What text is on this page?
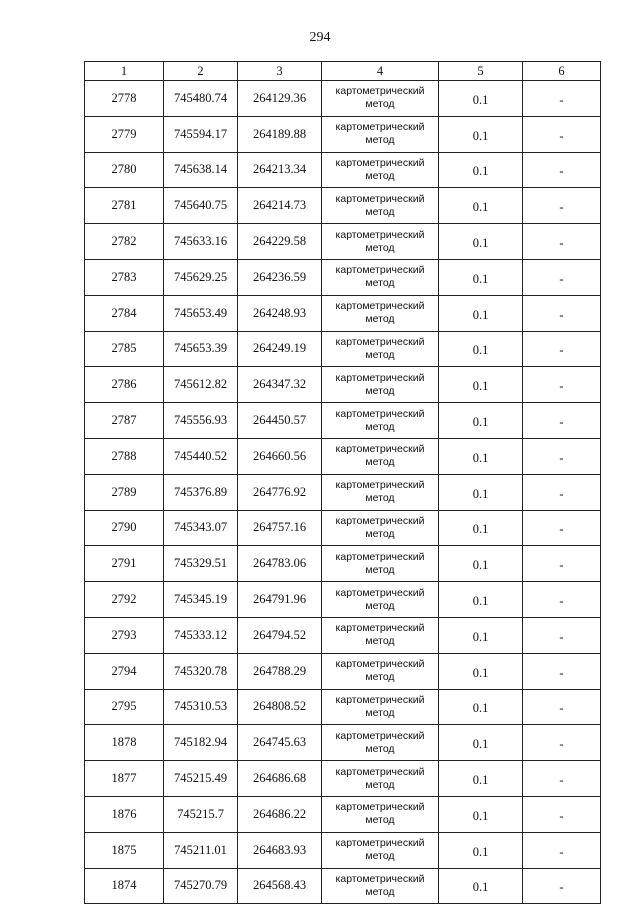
294
1	2	3	4	5	6
2778	745480.74	264129.36	картометрический
метод	0.1	-
2779	745594.17	264189.88	картометрический
метод	0.1	-
2780	745638.14	264213.34	картометрический
метод	0.1	-
2781	745640.75	264214.73	картометрический
метод	0.1	-
2782	745633.16	264229.58	картометрический
метод	0.1	-
2783	745629.25	264236.59	картометрический
метод	0.1	-
2784	745653.49	264248.93	картометрический
метод	0.1	-
2785	745653.39	264249.19	картометрический
метод	0.1	-
2786	745612.82	264347.32	картометрический
метод	0.1	-
2787	745556.93	264450.57	картометрический
метод	0.1	-
2788	745440.52	264660.56	картометрический
метод	0.1	-
2789	745376.89	264776.92	картометрический
метод	0.1	-
2790	745343.07	264757.16	картометрический
метод	0.1	-
2791	745329.51	264783.06	картометрический
метод	0.1	-
2792	745345.19	264791.96	картометрический
метод	0.1	-
2793	745333.12	264794.52	картометрический
метод	0.1	-
2794	745320.78	264788.29	картометрический
метод	0.1	-
2795	745310.53	264808.52	картометрический
метод	0.1	-
1878	745182.94	264745.63	картометрический
метод	0.1	-
1877	745215.49	264686.68	картометрический
метод	0.1	-
1876	745215.7	264686.22	картометрический
метод	0.1	-
1875	745211.01	264683.93	картометрический
метод	0.1	-
1874	745270.79	264568.43	картометрический
метод	0.1	-
